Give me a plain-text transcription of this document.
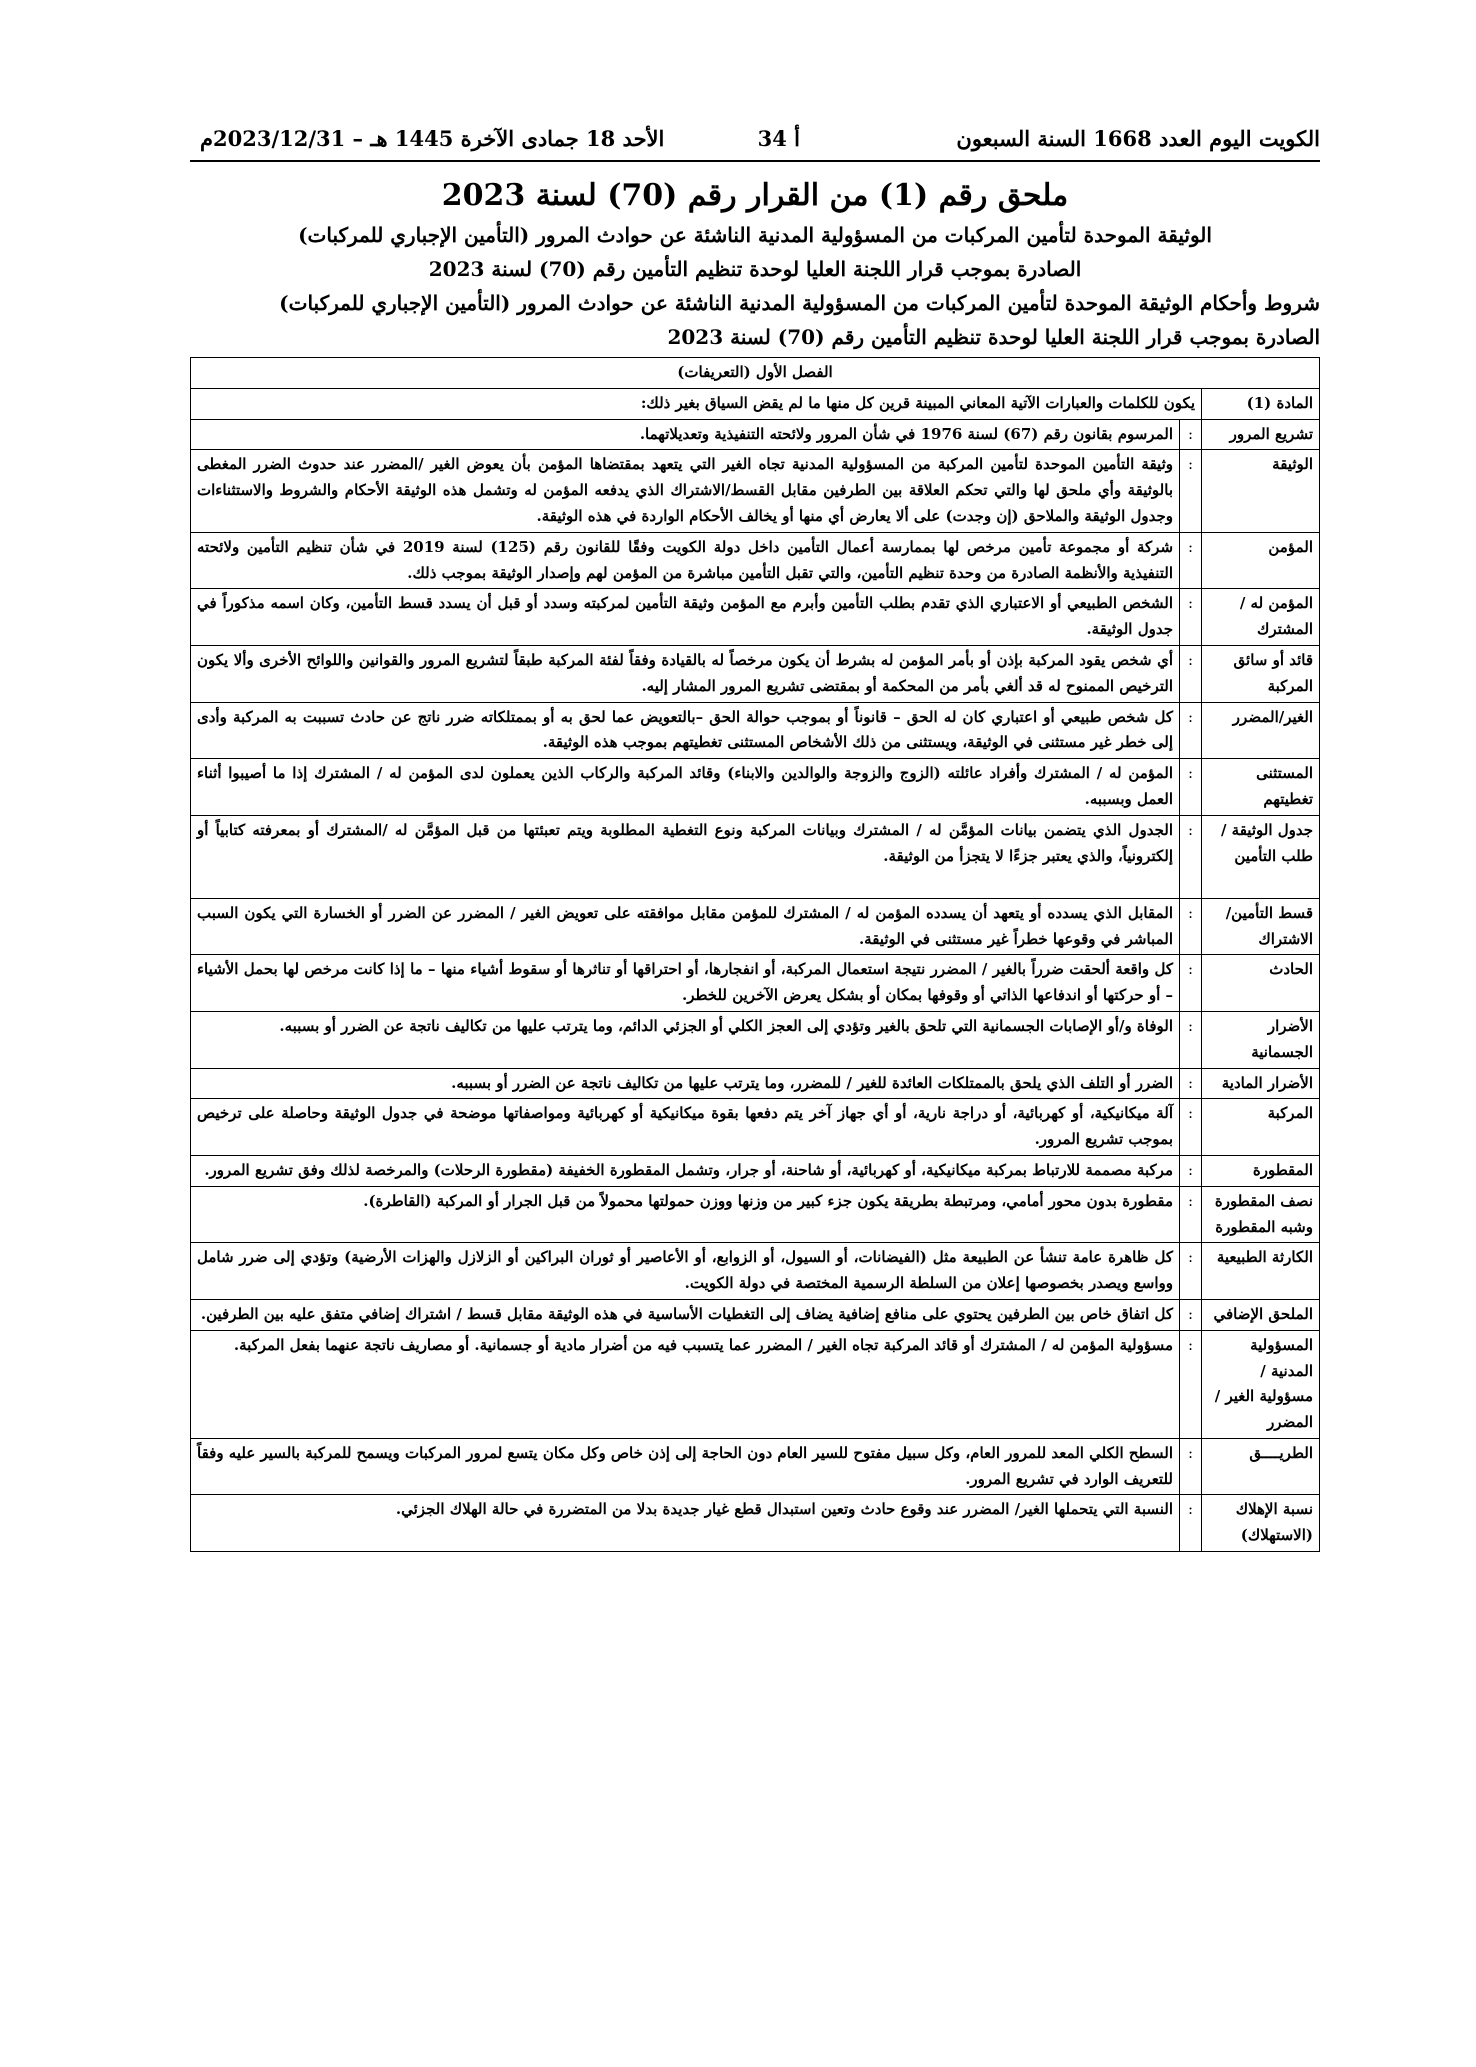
الكويت اليوم العدد 1668 السنة السبعون
أ 34
الأحد 18 جمادى الآخرة 1445 هـ – 2023/12/31م
ملحق رقم (1) من القرار رقم (70) لسنة 2023
الوثيقة الموحدة لتأمين المركبات من المسؤولية المدنية الناشئة عن حوادث المرور (التأمين الإجباري للمركبات)
الصادرة بموجب قرار اللجنة العليا لوحدة تنظيم التأمين رقم (70) لسنة 2023
شروط وأحكام الوثيقة الموحدة لتأمين المركبات من المسؤولية المدنية الناشئة عن حوادث المرور (التأمين الإجباري للمركبات)
الصادرة بموجب قرار اللجنة العليا لوحدة تنظيم التأمين رقم (70) لسنة 2023
الفصل الأول (التعريفات)		
المادة (1)	يكون للكلمات والعبارات الآتية المعاني المبينة قرين كل منها ما لم يقض السياق بغير ذلك:	
تشريع المرور	:	المرسوم بقانون رقم (67) لسنة 1976 في شأن المرور ولائحته التنفيذية وتعديلاتهما.
الوثيقة	:	وثيقة التأمين الموحدة لتأمين المركبة من المسؤولية المدنية تجاه الغير التي يتعهد بمقتضاها المؤمن بأن يعوض الغير /المضرر عند حدوث الضرر المغطى بالوثيقة وأي ملحق لها والتي تحكم العلاقة بين الطرفين مقابل القسط/الاشتراك الذي يدفعه المؤمن له وتشمل هذه الوثيقة الأحكام والشروط والاستثناءات وجدول الوثيقة والملاحق (إن وجدت) على ألا يعارض أي منها أو يخالف الأحكام الواردة في هذه الوثيقة.
المؤمن	:	شركة أو مجموعة تأمين مرخص لها بممارسة أعمال التأمين داخل دولة الكويت وفقًا للقانون رقم (125) لسنة 2019 في شأن تنظيم التأمين ولائحته التنفيذية والأنظمة الصادرة من وحدة تنظيم التأمين، والتي تقبل التأمين مباشرة من المؤمن لهم وإصدار الوثيقة بموجب ذلك.
المؤمن له / المشترك	:	الشخص الطبيعي أو الاعتباري الذي تقدم بطلب التأمين وأبرم مع المؤمن وثيقة التأمين لمركبته وسدد أو قبل أن يسدد قسط التأمين، وكان اسمه مذكوراً في جدول الوثيقة.
قائد أو سائق المركبة	:	أي شخص يقود المركبة بإذن أو بأمر المؤمن له بشرط أن يكون مرخصاً له بالقيادة وفقاً لفئة المركبة طبقاً لتشريع المرور والقوانين واللوائح الأخرى وألا يكون الترخيص الممنوح له قد ألغي بأمر من المحكمة أو بمقتضى تشريع المرور المشار إليه.
الغير/المضرر	:	كل شخص طبيعي أو اعتباري كان له الحق – قانوناً أو بموجب حوالة الحق –بالتعويض عما لحق به أو بممتلكاته ضرر ناتج عن حادث تسببت به المركبة وأدى إلى خطر غير مستثنى في الوثيقة، ويستثنى من ذلك الأشخاص المستثنى تغطيتهم بموجب هذه الوثيقة.
المستثنى تغطيتهم	:	المؤمن له / المشترك وأفراد عائلته (الزوج والزوجة والوالدين والابناء) وقائد المركبة والركاب الذين يعملون لدى المؤمن له / المشترك إذا ما أصيبوا أثناء العمل وبسببه.
جدول الوثيقة / طلب التأمين	:	الجدول الذي يتضمن بيانات المؤمَّن له / المشترك وبيانات المركبة ونوع التغطية المطلوبة ويتم تعبئتها من قبل المؤمَّن له /المشترك أو بمعرفته كتابياً أو إلكترونياً، والذي يعتبر جزءًا لا يتجزأ من الوثيقة.
قسط التأمين/الاشتراك	:	المقابل الذي يسدده أو يتعهد أن يسدده المؤمن له / المشترك للمؤمن مقابل موافقته على تعويض الغير / المضرر عن الضرر أو الخسارة التي يكون السبب المباشر في وقوعها خطراً غير مستثنى في الوثيقة.
الحادث	:	كل واقعة ألحقت ضرراً بالغير / المضرر نتيجة استعمال المركبة، أو انفجارها، أو احتراقها أو تناثرها أو سقوط أشياء منها – ما إذا كانت مرخص لها بحمل الأشياء – أو حركتها أو اندفاعها الذاتي أو وقوفها بمكان أو بشكل يعرض الآخرين للخطر.
الأضرار الجسمانية	:	الوفاة و/أو الإصابات الجسمانية التي تلحق بالغير وتؤدي إلى العجز الكلي أو الجزئي الدائم، وما يترتب عليها من تكاليف ناتجة عن الضرر أو بسببه.
الأضرار المادية	:	الضرر أو التلف الذي يلحق بالممتلكات العائدة للغير / للمضرر، وما يترتب عليها من تكاليف ناتجة عن الضرر أو بسببه.
المركبة	:	آلة ميكانيكية، أو كهربائية، أو دراجة نارية، أو أي جهاز آخر يتم دفعها بقوة ميكانيكية أو كهربائية ومواصفاتها موضحة في جدول الوثيقة وحاصلة على ترخيص بموجب تشريع المرور.
المقطورة	:	مركبة مصممة للارتباط بمركبة ميكانيكية، أو كهربائية، أو شاحنة، أو جرار، وتشمل المقطورة الخفيفة (مقطورة الرحلات) والمرخصة لذلك وفق تشريع المرور.
نصف المقطورة وشبه المقطورة	:	مقطورة بدون محور أمامي، ومرتبطة بطريقة يكون جزء كبير من وزنها ووزن حمولتها محمولاً من قبل الجرار أو المركبة (القاطرة).
الكارثة الطبيعية	:	كل ظاهرة عامة تنشأ عن الطبيعة مثل (الفيضانات، أو السيول، أو الزوابع، أو الأعاصير أو ثوران البراكين أو الزلازل والهزات الأرضية) وتؤدي إلى ضرر شامل وواسع ويصدر بخصوصها إعلان من السلطة الرسمية المختصة في دولة الكويت.
الملحق الإضافي	:	كل اتفاق خاص بين الطرفين يحتوي على منافع إضافية يضاف إلى التغطيات الأساسية في هذه الوثيقة مقابل قسط / اشتراك إضافي متفق عليه بين الطرفين.
المسؤولية المدنية / مسؤولية الغير / المضرر	:	مسؤولية المؤمن له / المشترك أو قائد المركبة تجاه الغير / المضرر عما يتسبب فيه من أضرار مادية أو جسمانية. أو مصاريف ناتجة عنهما بفعل المركبة.
الطريــــق	:	السطح الكلي المعد للمرور العام، وكل سبيل مفتوح للسير العام دون الحاجة إلى إذن خاص وكل مكان يتسع لمرور المركبات ويسمح للمركبة بالسير عليه وفقاً للتعريف الوارد في تشريع المرور.
نسبة الإهلاك (الاستهلاك)	:	النسبة التي يتحملها الغير/ المضرر عند وقوع حادث وتعين استبدال قطع غيار جديدة بدلا من المتضررة في حالة الهلاك الجزئي.
